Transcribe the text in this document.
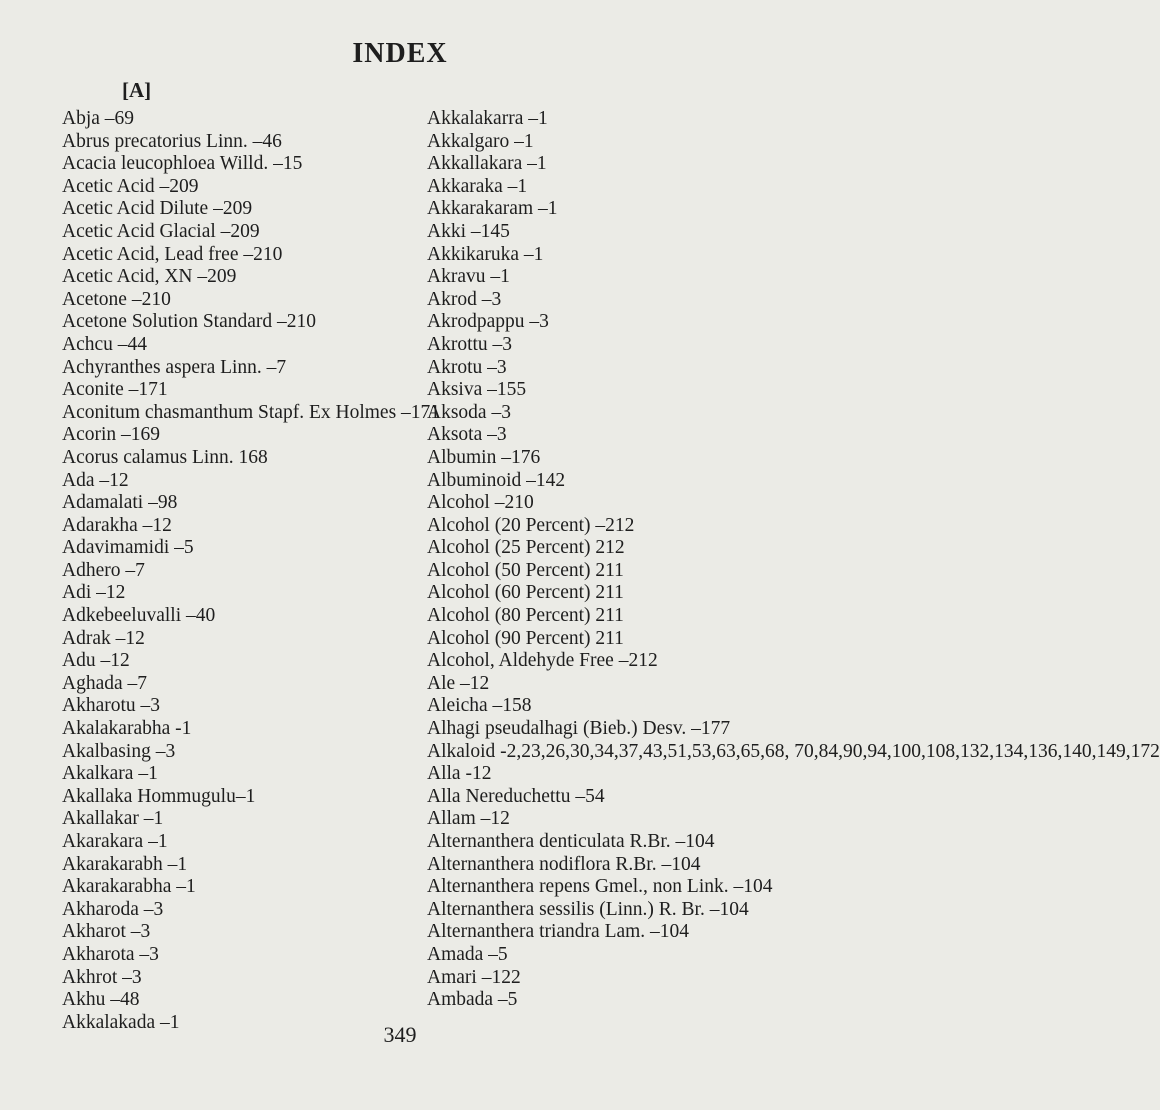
INDEX
[A]
Abja –69
Abrus precatorius Linn. –46
Acacia leucophloea Willd. –15
Acetic Acid –209
Acetic Acid Dilute –209
Acetic Acid Glacial –209
Acetic Acid, Lead free –210
Acetic Acid, XN –209
Acetone –210
Acetone Solution Standard –210
Achcu –44
Achyranthes aspera Linn. –7
Aconite –171
Aconitum chasmanthum Stapf. Ex Holmes –171
Acorin –169
Acorus calamus Linn. 168
Ada –12
Adamalati –98
Adarakha –12
Adavimamidi –5
Adhero –7
Adi –12
Adkebeeluvalli –40
Adrak –12
Adu –12
Aghada –7
Akharotu –3
Akalakarabha -1
Akalbasing –3
Akalkara –1
Akallaka Hommugulu–1
Akallakar –1
Akarakara –1
Akarakarabh –1
Akarakarabha –1
Akharoda –3
Akharot –3
Akharota –3
Akhrot –3
Akhu –48
Akkalakada –1
Akkalakarra –1
Akkalgaro –1
Akkallakara –1
Akkaraka –1
Akkarakaram –1
Akki –145
Akkikaruka –1
Akravu –1
Akrod –3
Akrodpappu –3
Akrottu –3
Akrotu –3
Aksiva –155
Aksoda –3
Aksota –3
Albumin –176
Albuminoid –142
Alcohol –210
Alcohol (20 Percent) –212
Alcohol (25 Percent) 212
Alcohol (50 Percent) 211
Alcohol (60 Percent) 211
Alcohol (80 Percent) 211
Alcohol (90 Percent) 211
Alcohol, Aldehyde Free –212
Ale –12
Aleicha –158
Alhagi pseudalhagi (Bieb.) Desv. –177
Alkaloid -2,23,26,30,34,37,43,51,53,63,65,68, 70,84,90,94,100,108,132,134,136,140,149,172
Alla -12
Alla Nereduchettu –54
Allam –12
Alternanthera denticulata R.Br. –104
Alternanthera nodiflora R.Br. –104
Alternanthera repens Gmel., non Link. –104
Alternanthera sessilis (Linn.) R. Br. –104
Alternanthera triandra Lam. –104
Amada –5
Amari –122
Ambada –5
349
